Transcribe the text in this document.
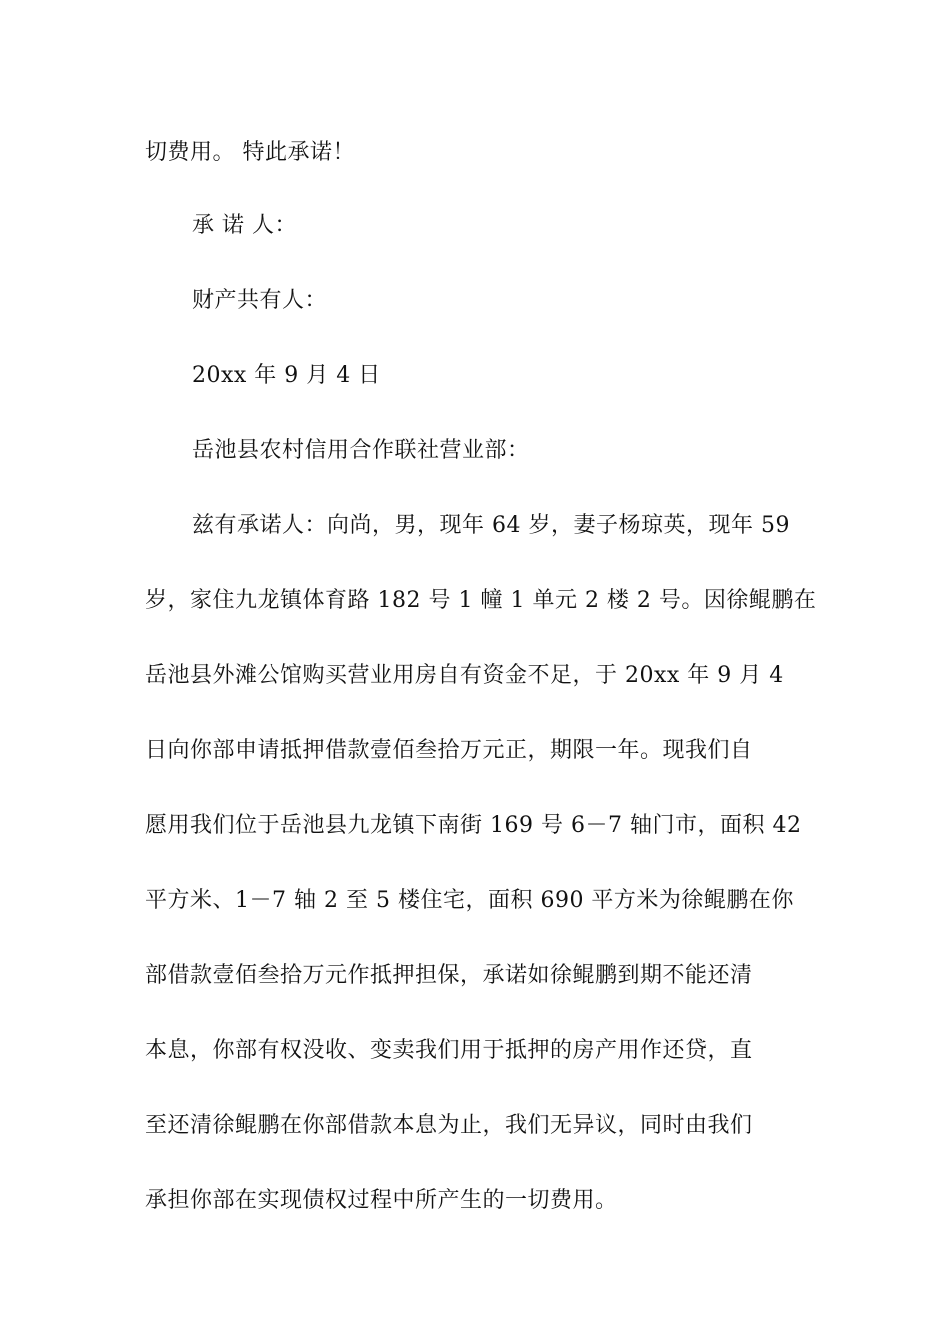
切费用。 特此承诺！

承 诺 人：

财产共有人：

20xx 年 9 月 4 日

岳池县农村信用合作联社营业部：

兹有承诺人：向尚，男，现年 64 岁，妻子杨琼英，现年 59

岁，家住九龙镇体育路 182 号 1 幢 1 单元 2 楼 2 号。因徐鲲鹏在

岳池县外滩公馆购买营业用房自有资金不足，于 20xx 年 9 月 4

日向你部申请抵押借款壹佰叁拾万元正，期限一年。现我们自

愿用我们位于岳池县九龙镇下南街 169 号 6－7 轴门市，面积 42

平方米、1－7 轴 2 至 5 楼住宅，面积 690 平方米为徐鲲鹏在你

部借款壹佰叁拾万元作抵押担保，承诺如徐鲲鹏到期不能还清

本息，你部有权没收、变卖我们用于抵押的房产用作还贷，直

至还清徐鲲鹏在你部借款本息为止，我们无异议，同时由我们

承担你部在实现债权过程中所产生的一切费用。
